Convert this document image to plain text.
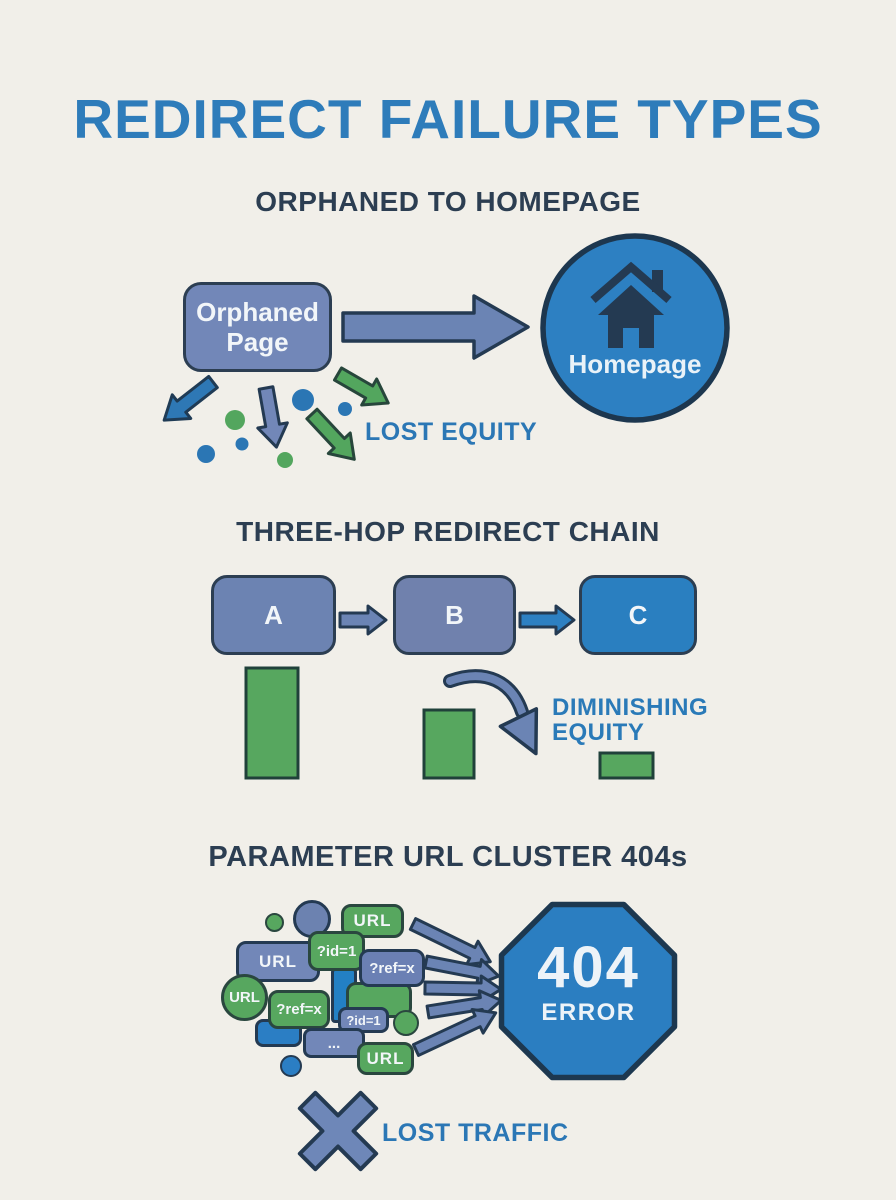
REDIRECT FAILURE TYPES
ORPHANED TO HOMEPAGE
Orphaned Page
Homepage
LOST EQUITY
THREE-HOP REDIRECT CHAIN
A	B	C
DIMINISHING
EQUITY
PARAMETER URL CLUSTER 404s
URL
URL
?id=1
?ref=x
URL
?ref=x
?id=1
...
URL
404
ERROR
LOST TRAFFIC
